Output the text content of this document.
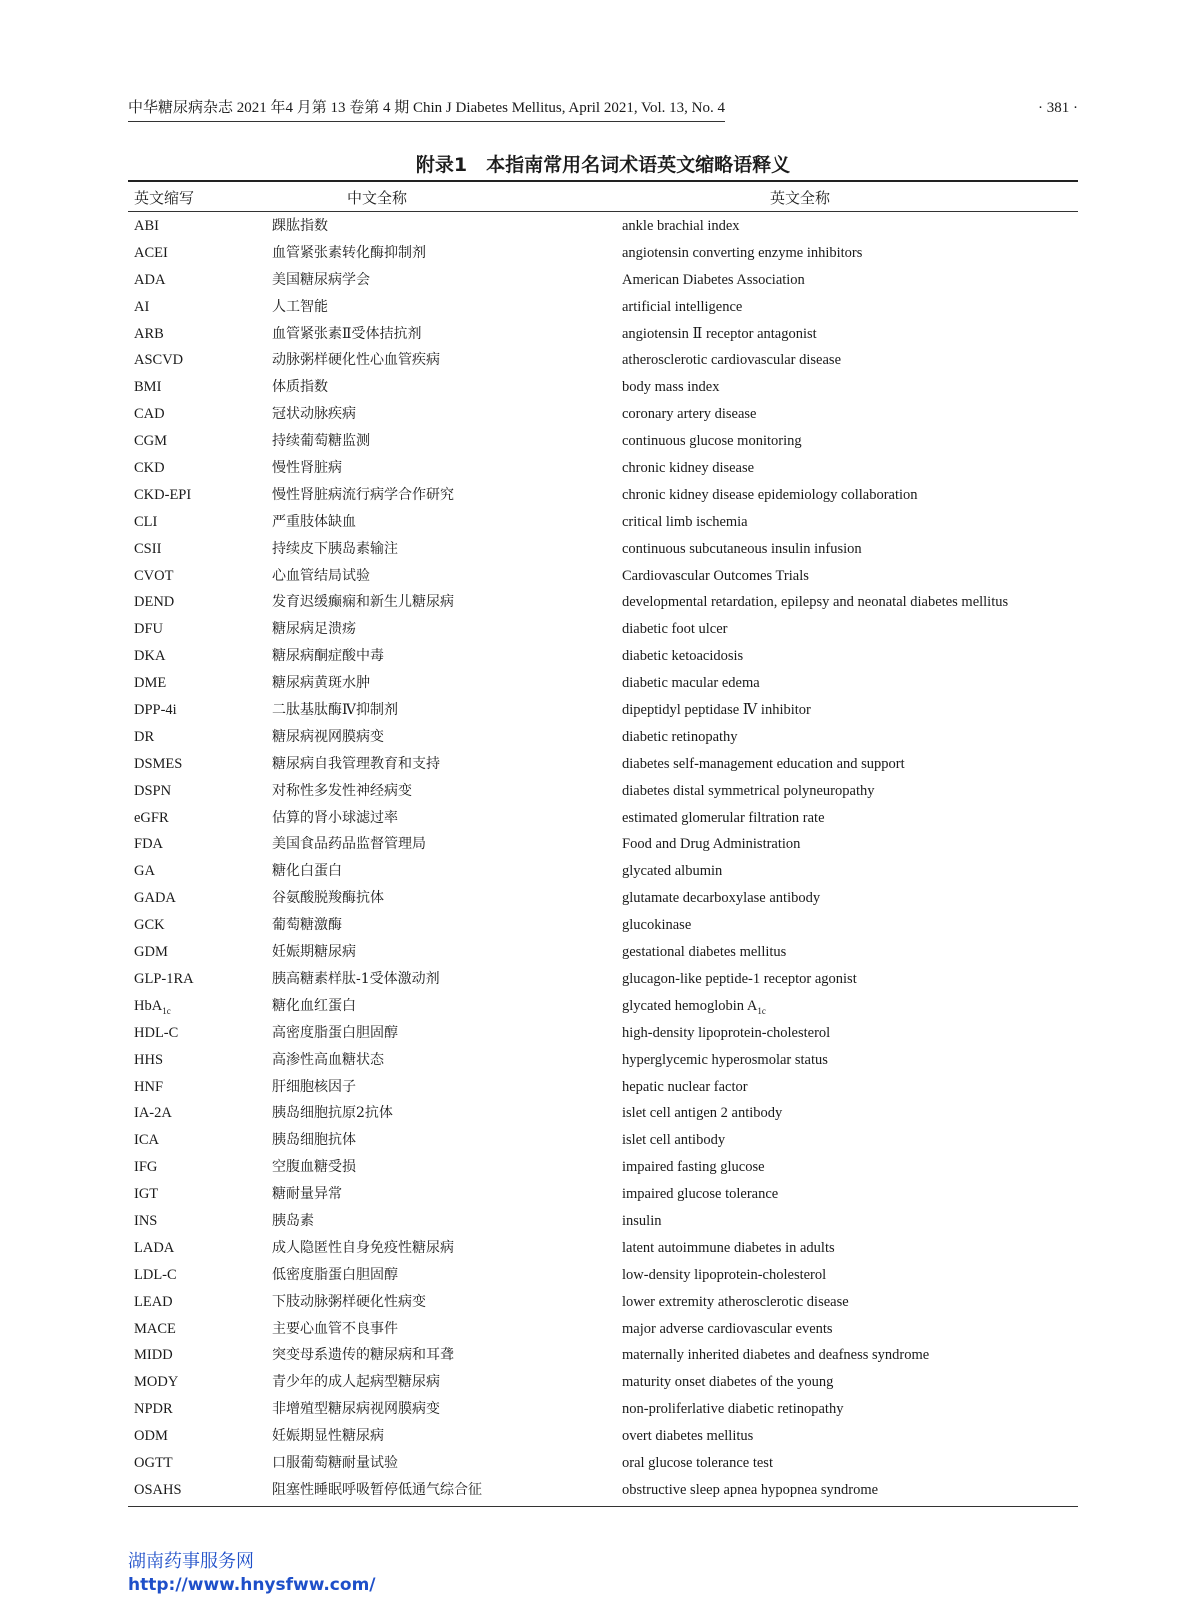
中华糖尿病杂志 2021 年4 月第 13 卷第 4 期 Chin J Diabetes Mellitus, April 2021, Vol. 13, No. 4	· 381 ·
附录1　本指南常用名词术语英文缩略语释义
英文缩写	中文全称	英文全称
ABI	踝肱指数	ankle brachial index
ACEI	血管紧张素转化酶抑制剂	angiotensin converting enzyme inhibitors
ADA	美国糖尿病学会	American Diabetes Association
AI	人工智能	artificial intelligence
ARB	血管紧张素Ⅱ受体拮抗剂	angiotensin Ⅱ receptor antagonist
ASCVD	动脉粥样硬化性心血管疾病	atherosclerotic cardiovascular disease
BMI	体质指数	body mass index
CAD	冠状动脉疾病	coronary artery disease
CGM	持续葡萄糖监测	continuous glucose monitoring
CKD	慢性肾脏病	chronic kidney disease
CKD-EPI	慢性肾脏病流行病学合作研究	chronic kidney disease epidemiology collaboration
CLI	严重肢体缺血	critical limb ischemia
CSII	持续皮下胰岛素输注	continuous subcutaneous insulin infusion
CVOT	心血管结局试验	Cardiovascular Outcomes Trials
DEND	发育迟缓癫痫和新生儿糖尿病	developmental retardation, epilepsy and neonatal diabetes mellitus
DFU	糖尿病足溃疡	diabetic foot ulcer
DKA	糖尿病酮症酸中毒	diabetic ketoacidosis
DME	糖尿病黄斑水肿	diabetic macular edema
DPP-4i	二肽基肽酶Ⅳ抑制剂	dipeptidyl peptidase Ⅳ inhibitor
DR	糖尿病视网膜病变	diabetic retinopathy
DSMES	糖尿病自我管理教育和支持	diabetes self-management education and support
DSPN	对称性多发性神经病变	diabetes distal symmetrical polyneuropathy
eGFR	估算的肾小球滤过率	estimated glomerular filtration rate
FDA	美国食品药品监督管理局	Food and Drug Administration
GA	糖化白蛋白	glycated albumin
GADA	谷氨酸脱羧酶抗体	glutamate decarboxylase antibody
GCK	葡萄糖激酶	glucokinase
GDM	妊娠期糖尿病	gestational diabetes mellitus
GLP-1RA	胰高糖素样肽-1受体激动剂	glucagon-like peptide-1 receptor agonist
HbA$_{1c}$	糖化血红蛋白	glycated hemoglobin $A_{1c}$
HDL-C	高密度脂蛋白胆固醇	high-density lipoprotein-cholesterol
HHS	高渗性高血糖状态	hyperglycemic hyperosmolar status
HNF	肝细胞核因子	hepatic nuclear factor
IA-2A	胰岛细胞抗原2抗体	islet cell antigen 2 antibody
ICA	胰岛细胞抗体	islet cell antibody
IFG	空腹血糖受损	impaired fasting glucose
IGT	糖耐量异常	impaired glucose tolerance
INS	胰岛素	insulin
LADA	成人隐匿性自身免疫性糖尿病	latent autoimmune diabetes in adults
LDL-C	低密度脂蛋白胆固醇	low-density lipoprotein-cholesterol
LEAD	下肢动脉粥样硬化性病变	lower extremity atherosclerotic disease
MACE	主要心血管不良事件	major adverse cardiovascular events
MIDD	突变母系遗传的糖尿病和耳聋	maternally inherited diabetes and deafness syndrome
MODY	青少年的成人起病型糖尿病	maturity onset diabetes of the young
NPDR	非增殖型糖尿病视网膜病变	non-proliferlative diabetic retinopathy
ODM	妊娠期显性糖尿病	overt diabetes mellitus
OGTT	口服葡萄糖耐量试验	oral glucose tolerance test
OSAHS	阻塞性睡眠呼吸暂停低通气综合征	obstructive sleep apnea hypopnea syndrome
湖南药事服务网
http://www.hnysfww.com/
